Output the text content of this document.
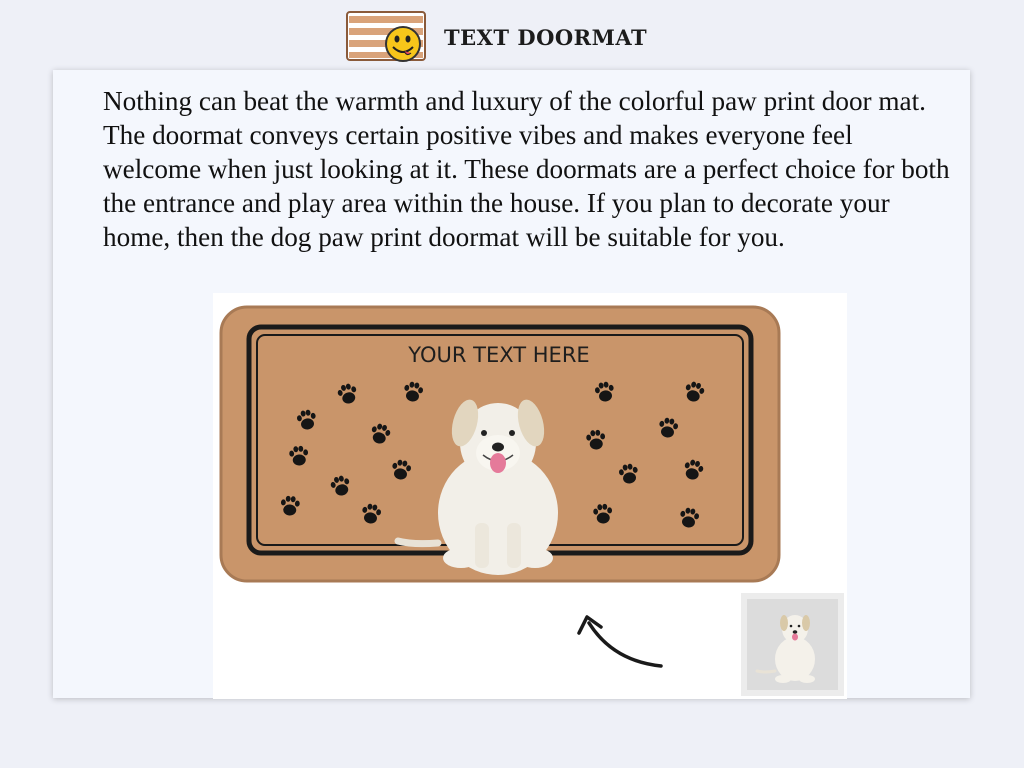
TEXT DOORMAT

Nothing can beat the warmth and luxury of the colorful paw print door mat. The doormat conveys certain positive vibes and makes everyone feel welcome when just looking at it. These doormats are a perfect choice for both the entrance and play area within the house. If you plan to decorate your home, then the dog paw print doormat will be suitable for you.

YOUR TEXT HERE
